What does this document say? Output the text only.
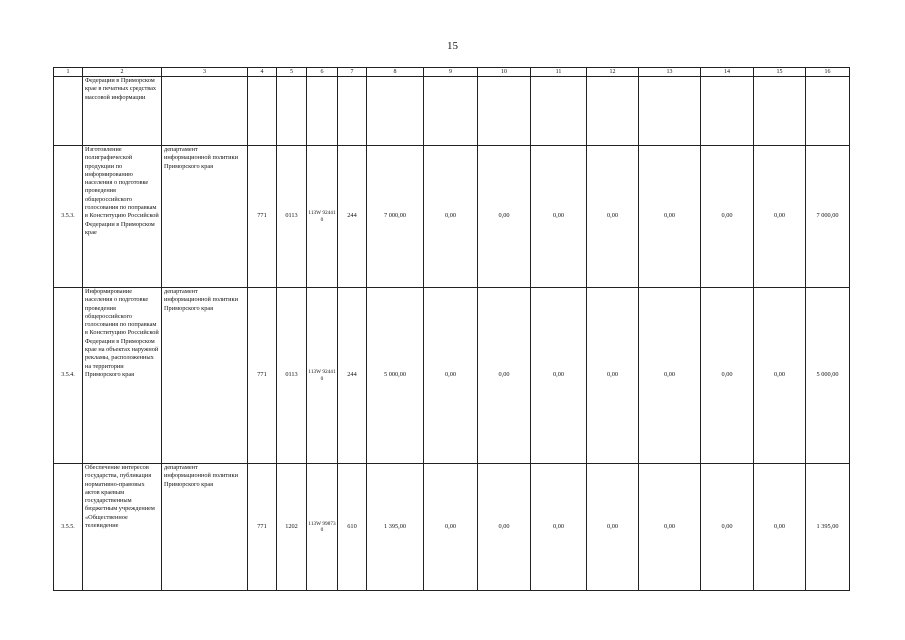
15
1	2	3	4	5	6	7	8	9	10	11	12	13	14	15	16
	Федерации в Приморском крае в печатных средствах массовой информации														
3.5.3.	Изготовление полиграфической продукции по информированию населения о подготовке проведения общероссийского голосования по поправкам в Конституцию Российской Федерации в Приморском крае	департамент информационной политики Приморского края	771	0113	113W 92441 0	244	7 000,00	0,00	0,00	0,00	0,00	0,00	0,00	0,00	7 000,00
3.5.4.	Информирование населения о подготовке проведения общероссийского голосования по поправкам в Конституцию Российской Федерации в Приморском крае на объектах наружной рекламы, расположенных на территории Приморского края	департамент информационной политики Приморского края	771	0113	113W 92441 0	244	5 000,00	0,00	0,00	0,00	0,00	0,00	0,00	0,00	5 000,00
3.5.5.	Обеспечение интересов государства, публикация нормативно-правовых актов краевым государственным бюджетным учреждением «Общественное телевидение	департамент информационной политики Приморского края	771	1202	113W 99873 0	610	1 395,00	0,00	0,00	0,00	0,00	0,00	0,00	0,00	1 395,00
